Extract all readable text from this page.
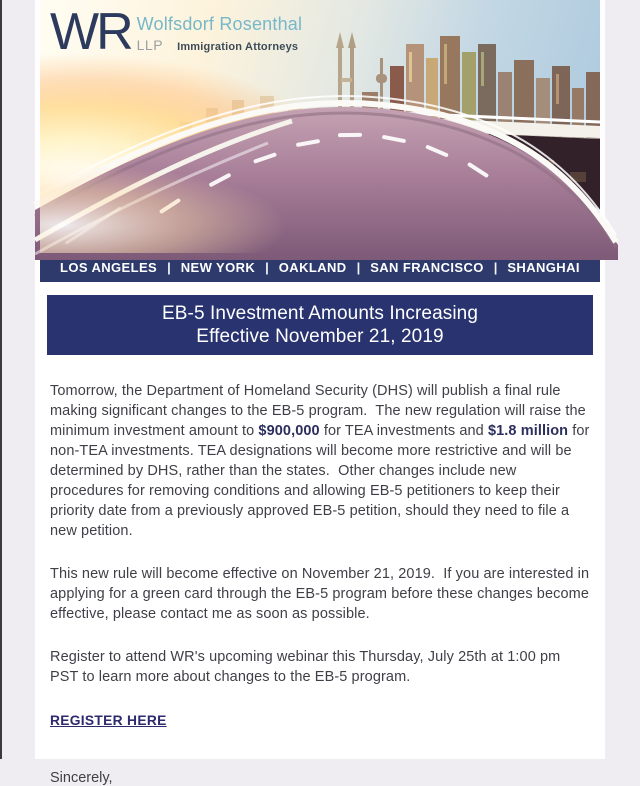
WR Wolfsdorf Rosenthal
LLP Immigration Attorneys
LOS ANGELES | NEW YORK | OAKLAND | SAN FRANCISCO | SHANGHAI
EB-5 Investment Amounts Increasing
Effective November 21, 2019

Tomorrow, the Department of Homeland Security (DHS) will publish a final rule making significant changes to the EB-5 program.  The new regulation will raise the minimum investment amount to $900,000 for TEA investments and $1.8 million for non-TEA investments. TEA designations will become more restrictive and will be determined by DHS, rather than the states.  Other changes include new procedures for removing conditions and allowing EB-5 petitioners to keep their priority date from a previously approved EB-5 petition, should they need to file a new petition.

This new rule will become effective on November 21, 2019.  If you are interested in applying for a green card through the EB-5 program before these changes become effective, please contact me as soon as possible.

Register to attend WR's upcoming webinar this Thursday, July 25th at 1:00 pm PST to learn more about changes to the EB-5 program.

REGISTER HERE
Sincerely,
